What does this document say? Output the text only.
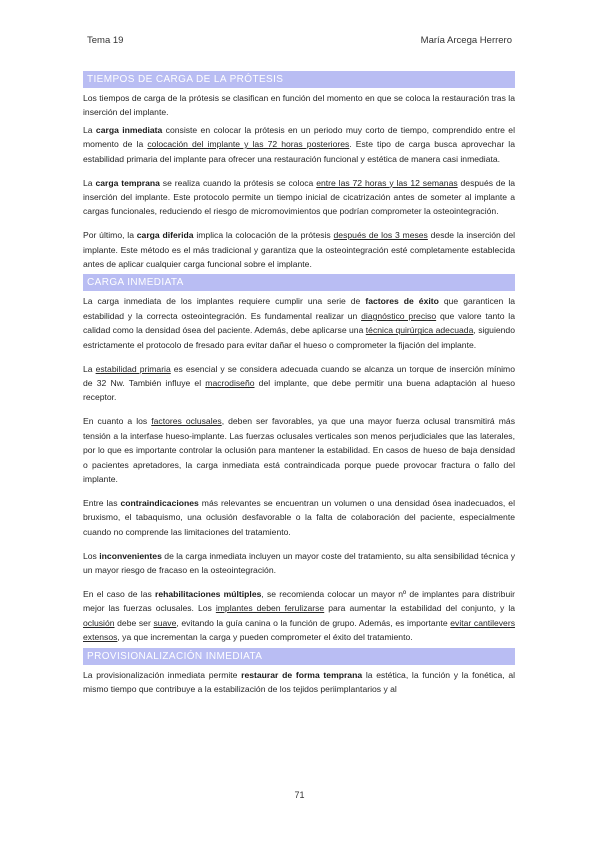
Tema 19	María Arcega Herrero
TIEMPOS DE CARGA DE LA PRÓTESIS

Los tiempos de carga de la prótesis se clasifican en función del momento en que se coloca la restauración tras la inserción del implante.

La carga inmediata consiste en colocar la prótesis en un periodo muy corto de tiempo, comprendido entre el momento de la colocación del implante y las 72 horas posteriores. Este tipo de carga busca aprovechar la estabilidad primaria del implante para ofrecer una restauración funcional y estética de manera casi inmediata.

La carga temprana se realiza cuando la prótesis se coloca entre las 72 horas y las 12 semanas después de la inserción del implante. Este protocolo permite un tiempo inicial de cicatrización antes de someter al implante a cargas funcionales, reduciendo el riesgo de micromovimientos que podrían comprometer la osteointegración.

Por último, la carga diferida implica la colocación de la prótesis después de los 3 meses desde la inserción del implante. Este método es el más tradicional y garantiza que la osteointegración esté completamente establecida antes de aplicar cualquier carga funcional sobre el implante.

CARGA INMEDIATA

La carga inmediata de los implantes requiere cumplir una serie de factores de éxito que garanticen la estabilidad y la correcta osteointegración. Es fundamental realizar un diagnóstico preciso que valore tanto la calidad como la densidad ósea del paciente. Además, debe aplicarse una técnica quirúrgica adecuada, siguiendo estrictamente el protocolo de fresado para evitar dañar el hueso o comprometer la fijación del implante.

La estabilidad primaria es esencial y se considera adecuada cuando se alcanza un torque de inserción mínimo de 32 Nw. También influye el macrodiseño del implante, que debe permitir una buena adaptación al hueso receptor.

En cuanto a los factores oclusales, deben ser favorables, ya que una mayor fuerza oclusal transmitirá más tensión a la interfase hueso-implante. Las fuerzas oclusales verticales son menos perjudiciales que las laterales, por lo que es importante controlar la oclusión para mantener la estabilidad. En casos de hueso de baja densidad o pacientes apretadores, la carga inmediata está contraindicada porque puede provocar fractura o fallo del implante.

Entre las contraindicaciones más relevantes se encuentran un volumen o una densidad ósea inadecuados, el bruxismo, el tabaquismo, una oclusión desfavorable o la falta de colaboración del paciente, especialmente cuando no comprende las limitaciones del tratamiento.

Los inconvenientes de la carga inmediata incluyen un mayor coste del tratamiento, su alta sensibilidad técnica y un mayor riesgo de fracaso en la osteointegración.

En el caso de las rehabilitaciones múltiples, se recomienda colocar un mayor nº de implantes para distribuir mejor las fuerzas oclusales. Los implantes deben ferulizarse para aumentar la estabilidad del conjunto, y la oclusión debe ser suave, evitando la guía canina o la función de grupo. Además, es importante evitar cantilevers extensos, ya que incrementan la carga y pueden comprometer el éxito del tratamiento.

PROVISIONALIZACIÓN INMEDIATA

La provisionalización inmediata permite restaurar de forma temprana la estética, la función y la fonética, al mismo tiempo que contribuye a la estabilización de los tejidos periimplantarios y al

71
